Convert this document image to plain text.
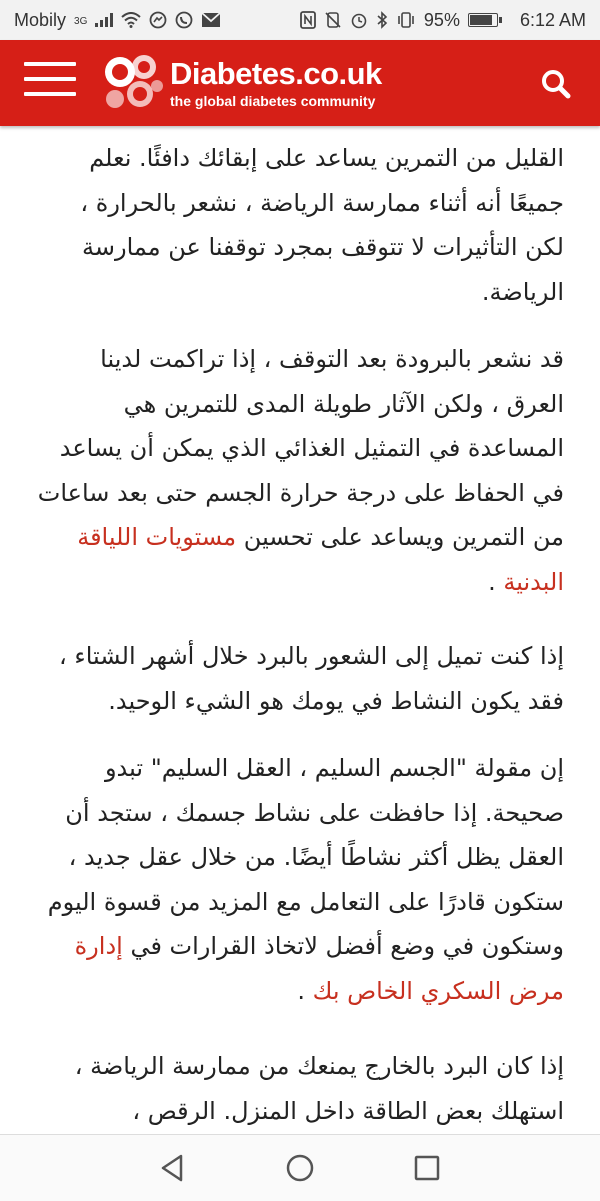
Mobily 3G	95%	6:12 AM
Diabetes.co.uk
the global diabetes community

القليل من التمرين يساعد على إبقائك دافئًا. نعلم جميعًا أنه أثناء ممارسة الرياضة ، نشعر بالحرارة ، لكن التأثيرات لا تتوقف بمجرد توقفنا عن ممارسة الرياضة.

قد نشعر بالبرودة بعد التوقف ، إذا تراكمت لدينا العرق ، ولكن الآثار طويلة المدى للتمرين هي المساعدة في التمثيل الغذائي الذي يمكن أن يساعد في الحفاظ على درجة حرارة الجسم حتى بعد ساعات من التمرين ويساعد على تحسين مستويات اللياقة البدنية .

إذا كنت تميل إلى الشعور بالبرد خلال أشهر الشتاء ، فقد يكون النشاط في يومك هو الشيء الوحيد.

إن مقولة "الجسم السليم ، العقل السليم" تبدو صحيحة. إذا حافظت على نشاط جسمك ، ستجد أن العقل يظل أكثر نشاطًا أيضًا. من خلال عقل جديد ، ستكون قادرًا على التعامل مع المزيد من قسوة اليوم وستكون في وضع أفضل لاتخاذ القرارات في إدارة مرض السكري الخاص بك .

إذا كان البرد بالخارج يمنعك من ممارسة الرياضة ، استهلك بعض الطاقة داخل المنزل. الرقص ،
